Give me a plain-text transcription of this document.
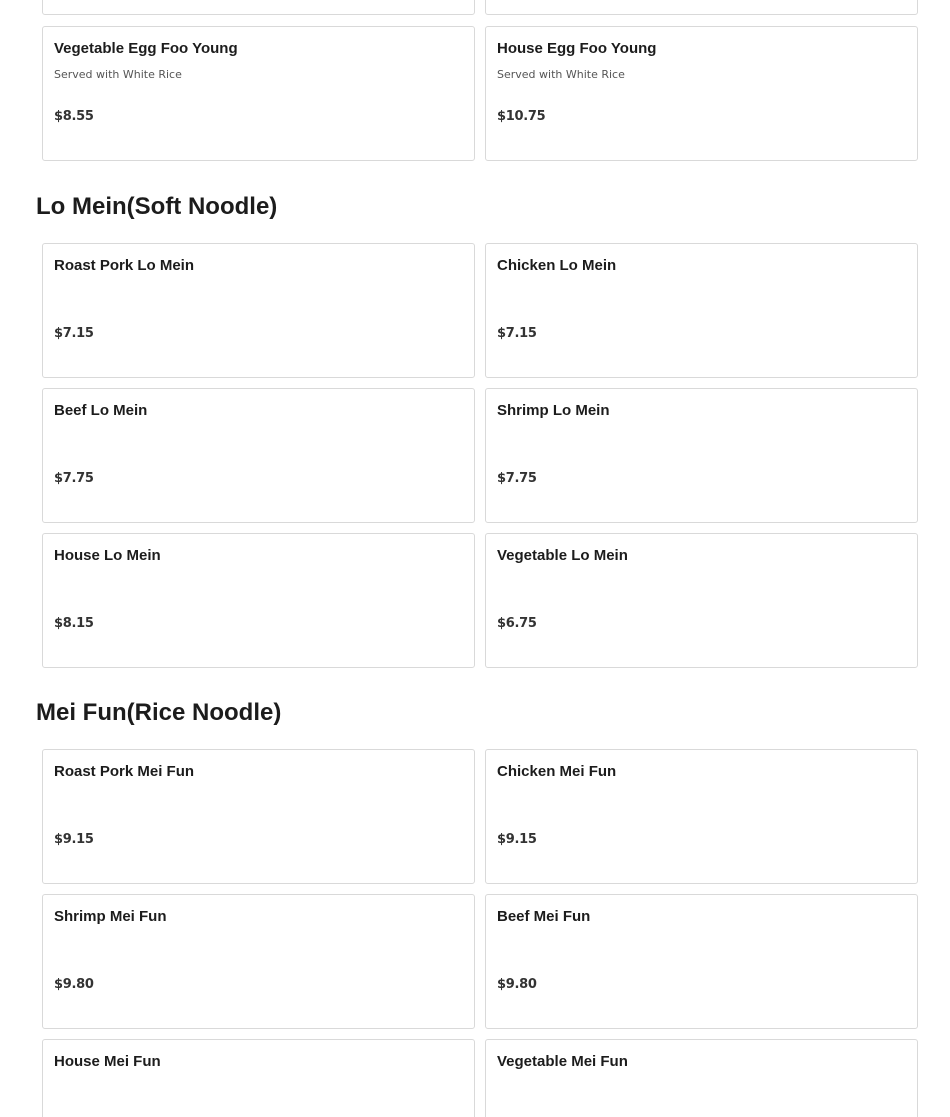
Vegetable Egg Foo Young
Served with White Rice
$8.55
House Egg Foo Young
Served with White Rice
$10.75
Lo Mein(Soft Noodle)
Roast Pork Lo Mein
$7.15
Chicken Lo Mein
$7.15
Beef Lo Mein
$7.75
Shrimp Lo Mein
$7.75
House Lo Mein
$8.15
Vegetable Lo Mein
$6.75
Mei Fun(Rice Noodle)
Roast Pork Mei Fun
$9.15
Chicken Mei Fun
$9.15
Shrimp Mei Fun
$9.80
Beef Mei Fun
$9.80
House Mei Fun	Vegetable Mei Fun
